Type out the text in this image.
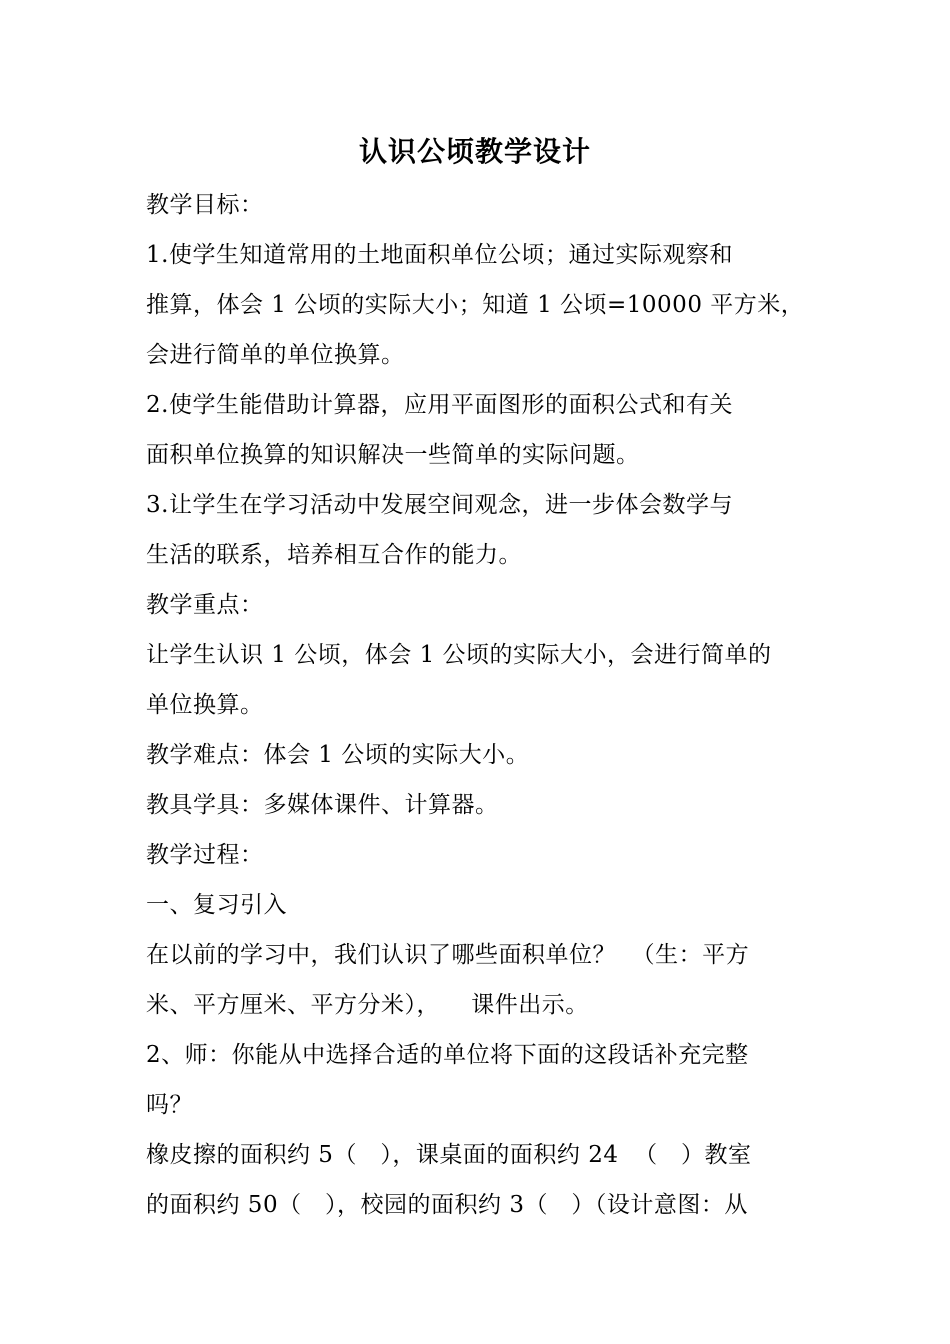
认识公顷教学设计
教学目标：
1.使学生知道常用的土地面积单位公顷；通过实际观察和
推算，体会 1 公顷的实际大小；知道 1 公顷=10000 平方米，
会进行简单的单位换算。
2.使学生能借助计算器，应用平面图形的面积公式和有关
面积单位换算的知识解决一些简单的实际问题。
3.让学生在学习活动中发展空间观念，进一步体会数学与
生活的联系，培养相互合作的能力。
教学重点：
让学生认识 1 公顷，体会 1 公顷的实际大小，会进行简单的
单位换算。
教学难点：体会 1 公顷的实际大小。
教具学具：多媒体课件、计算器。
教学过程：
一、复习引入
在以前的学习中，我们认识了哪些面积单位？  （生：平方
米、平方厘米、平方分米），    课件出示。
2、师：你能从中选择合适的单位将下面的这段话补充完整
吗？
橡皮擦的面积约 5（   ），课桌面的面积约 24  （   ）教室
的面积约 50（   ），校园的面积约 3（   ）（设计意图：从
